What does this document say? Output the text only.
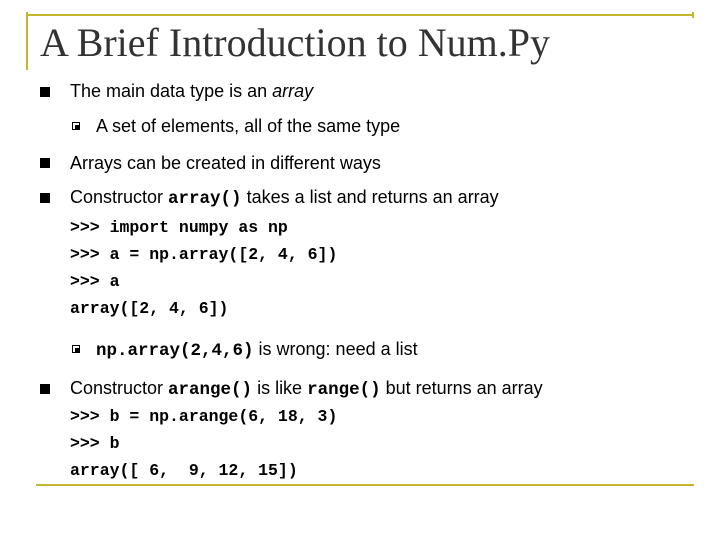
A Brief Introduction to Num.Py
The main data type is an array
A set of elements, all of the same type
Arrays can be created in different ways
Constructor array() takes a list and returns an array
>>> import numpy as np
>>> a = np.array([2, 4, 6])
>>> a
array([2, 4, 6])
np.array(2,4,6) is wrong: need a list
Constructor arange() is like range() but returns an array
>>> b = np.arange(6, 18, 3)
>>> b
array([ 6,  9, 12, 15])
